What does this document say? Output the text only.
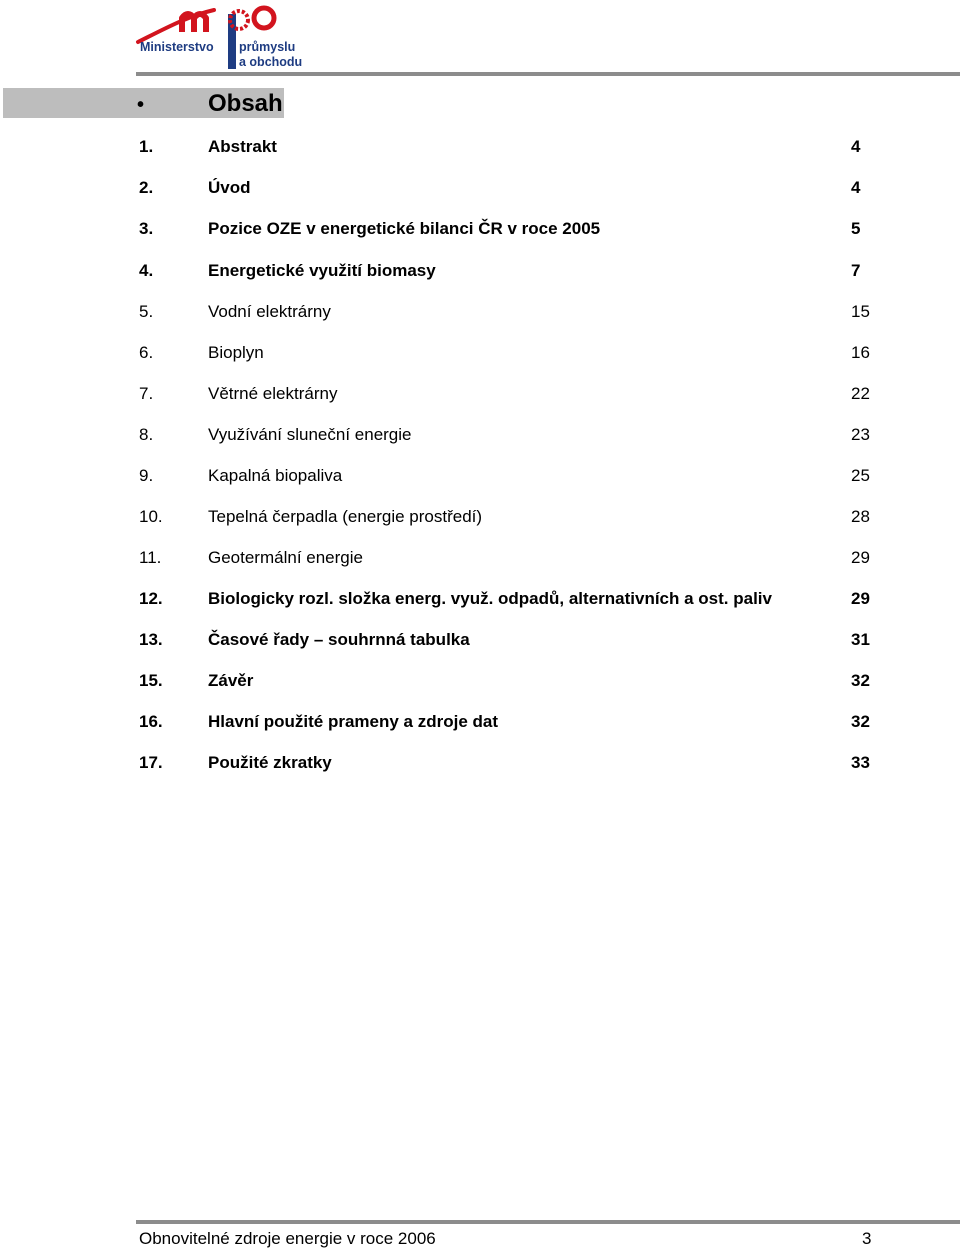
Ministerstvo průmyslu
a obchodu
•	Obsah
1.	Abstrakt	4
2.	Úvod	4
3.	Pozice OZE v energetické bilanci ČR v roce 2005	5
4.	Energetické využití biomasy	7
5.	Vodní elektrárny	15
6.	Bioplyn	16
7.	Větrné elektrárny	22
8.	Využívání sluneční energie	23
9.	Kapalná biopaliva	25
10.	Tepelná čerpadla (energie prostředí)	28
11.	Geotermální energie	29
12.	Biologicky rozl. složka energ. využ. odpadů, alternativních a ost. paliv	29
13.	Časové řady – souhrnná tabulka	31
15.	Závěr	32
16.	Hlavní použité prameny a zdroje dat	32
17.	Použité zkratky	33
Obnovitelné zdroje energie v roce 2006	3
